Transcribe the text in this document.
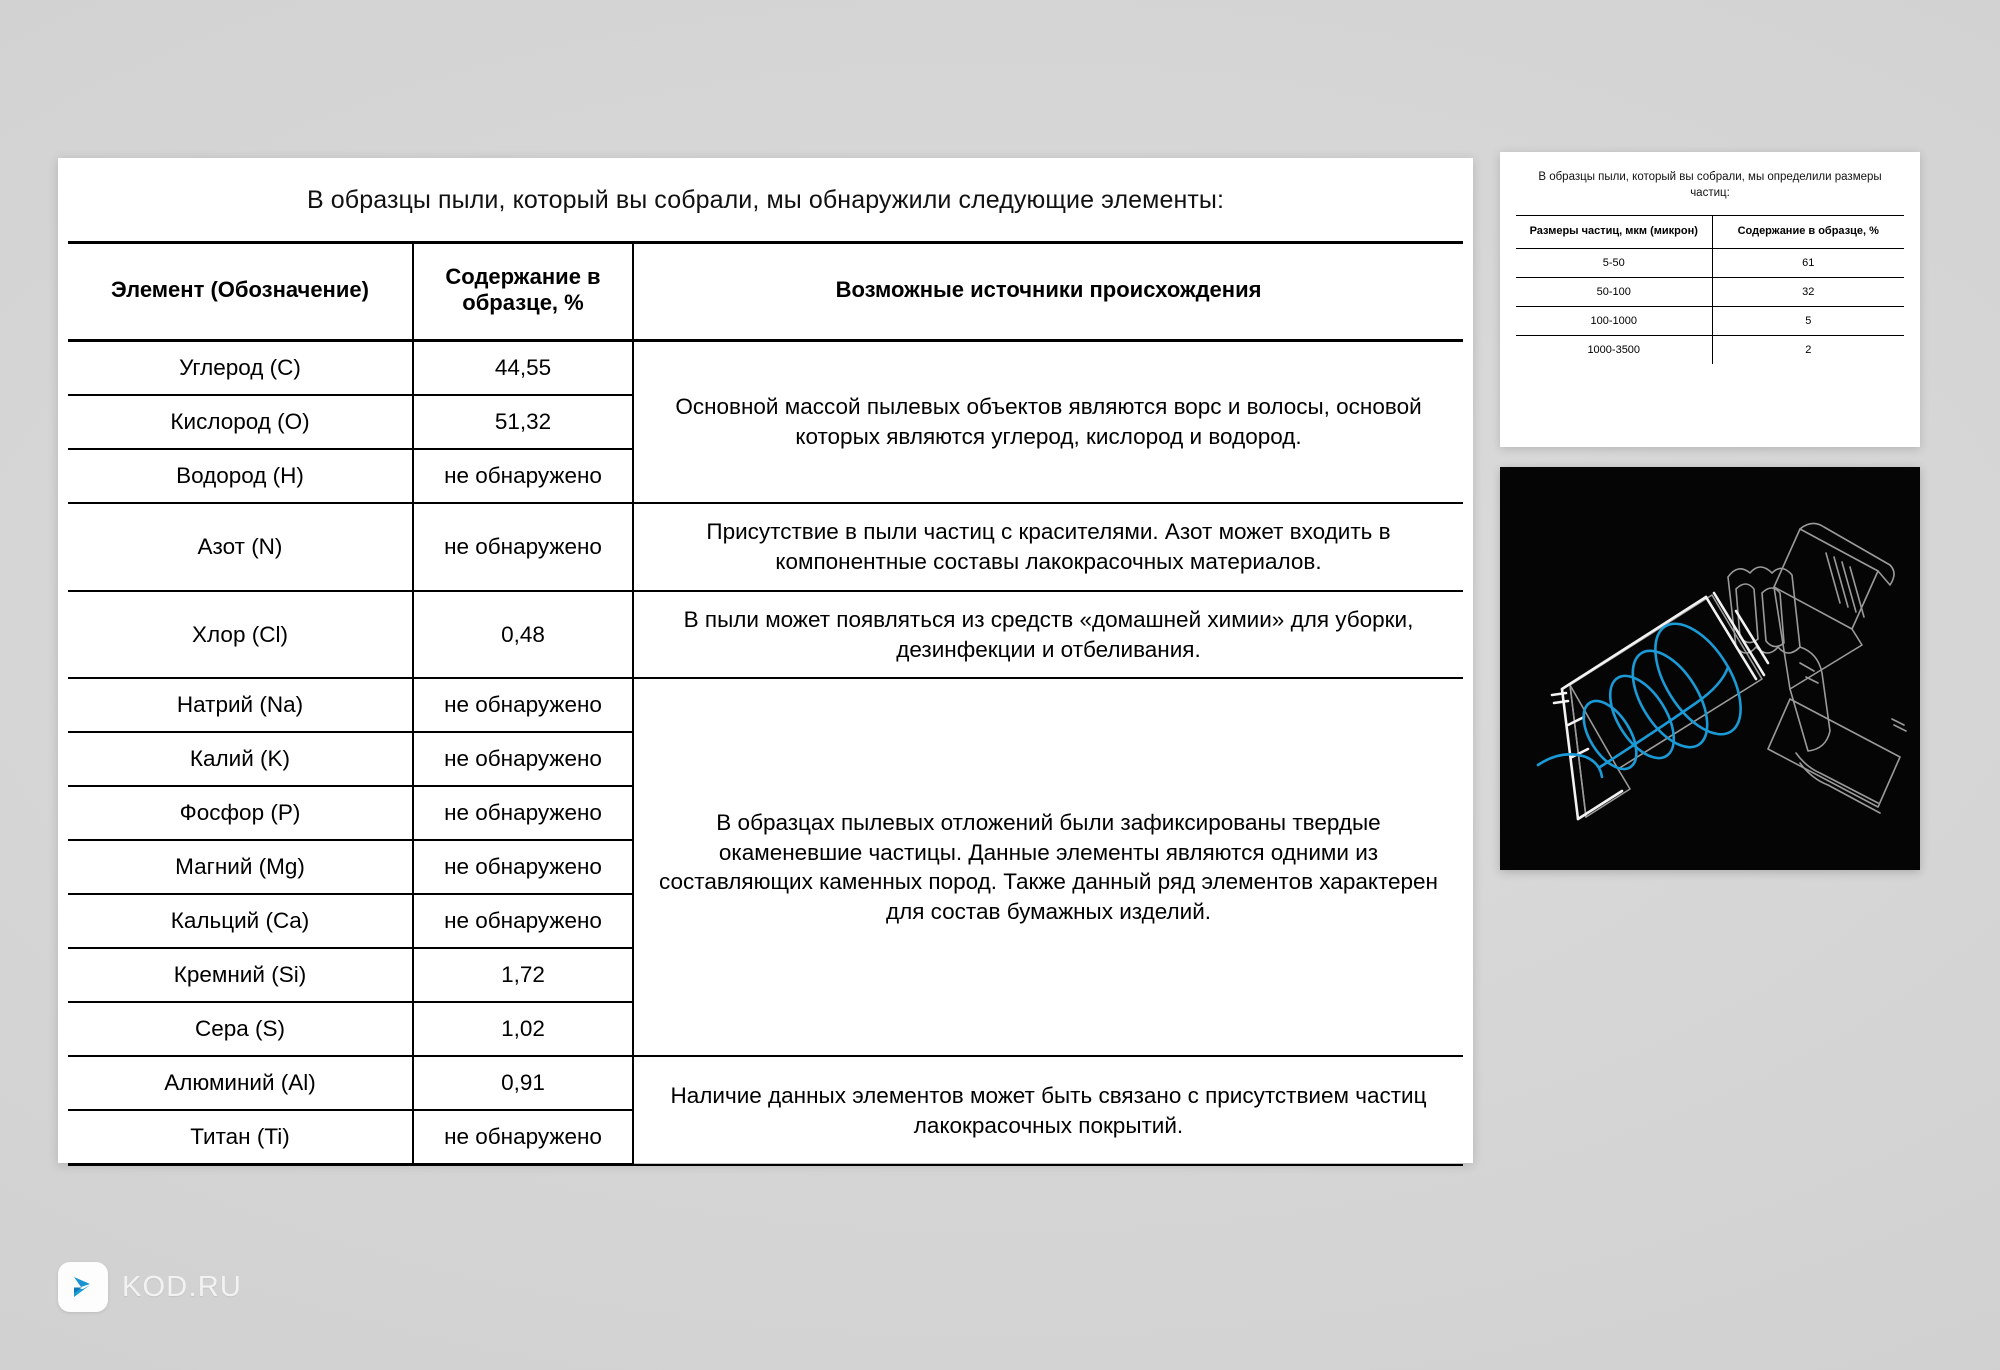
В образцы пыли, который вы собрали, мы обнаружили следующие элементы:
Элемент (Обозначение)	Содержание в образце, %	Возможные источники происхождения
Углерод (C)	44,55	Основной массой пылевых объектов являются ворс и волосы, основой которых являются углерод, кислород и водород.
Кислород (O)	51,32	
Водород (H)	не обнаружено	
Азот (N)	не обнаружено	Присутствие в пыли частиц с красителями. Азот может входить в компонентные составы лакокрасочных материалов.
Хлор (Cl)	0,48	В пыли может появляться из средств «домашней химии» для уборки, дезинфекции и отбеливания.
Натрий (Na)	не обнаружено	В образцах пылевых отложений были зафиксированы твердые окаменевшие частицы. Данные элементы являются одними из составляющих каменных пород. Также данный ряд элементов характерен для состав бумажных изделий.
Калий (K)	не обнаружено	
Фосфор (P)	не обнаружено	
Магний (Mg)	не обнаружено	
Кальций (Ca)	не обнаружено	
Кремний (Si)	1,72	
Сера (S)	1,02	
Алюминий (Al)	0,91	Наличие данных элементов может быть связано с присутствием частиц лакокрасочных покрытий.
Титан (Ti)	не обнаружено	
В образцы пыли, который вы собрали, мы определили размеры частиц:
Размеры частиц, мкм (микрон)	Содержание в образце, %
5-50	61
50-100	32
100-1000	5
1000-3500	2
KOD.RU
